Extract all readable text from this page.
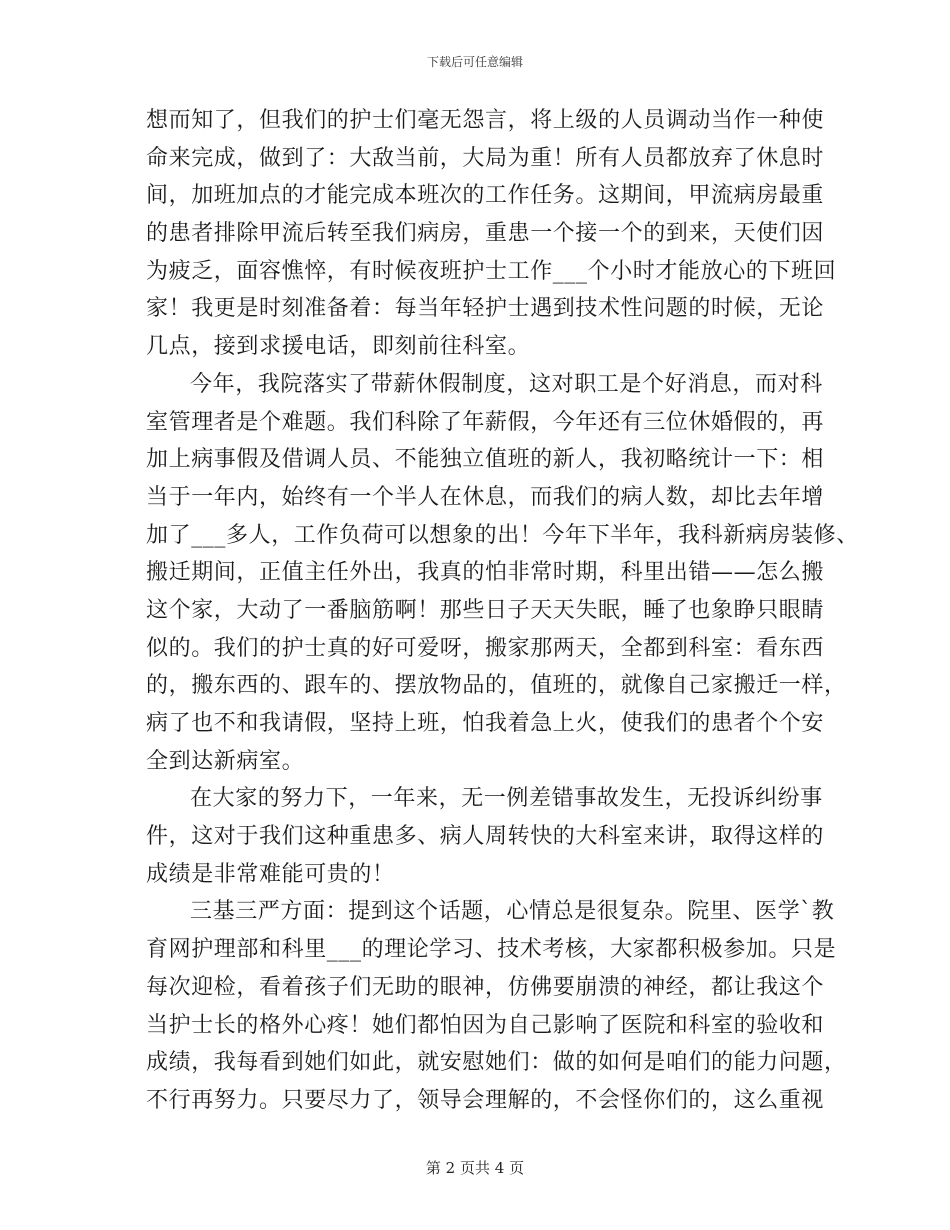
下载后可任意编辑
想而知了，但我们的护士们毫无怨言，将上级的人员调动当作一种使
命来完成，做到了：大敌当前，大局为重！所有人员都放弃了休息时
间，加班加点的才能完成本班次的工作任务。这期间，甲流病房最重
的患者排除甲流后转至我们病房，重患一个接一个的到来，天使们因
为疲乏，面容憔悴，有时候夜班护士工作___个小时才能放心的下班回
家！我更是时刻准备着：每当年轻护士遇到技术性问题的时候，无论
几点，接到求援电话，即刻前往科室。
今年，我院落实了带薪休假制度，这对职工是个好消息，而对科
室管理者是个难题。我们科除了年薪假，今年还有三位休婚假的，再
加上病事假及借调人员、不能独立值班的新人，我初略统计一下：相
当于一年内，始终有一个半人在休息，而我们的病人数，却比去年增
加了___多人，工作负荷可以想象的出！今年下半年，我科新病房装修、
搬迁期间，正值主任外出，我真的怕非常时期，科里出错——怎么搬
这个家，大动了一番脑筋啊！那些日子天天失眠，睡了也象睁只眼睛
似的。我们的护士真的好可爱呀，搬家那两天，全都到科室：看东西
的，搬东西的、跟车的、摆放物品的，值班的，就像自己家搬迁一样，
病了也不和我请假，坚持上班，怕我着急上火，使我们的患者个个安
全到达新病室。
在大家的努力下，一年来，无一例差错事故发生，无投诉纠纷事
件，这对于我们这种重患多、病人周转快的大科室来讲，取得这样的
成绩是非常难能可贵的！
三基三严方面：提到这个话题，心情总是很复杂。院里、医学`教
育网护理部和科里___的理论学习、技术考核，大家都积极参加。只是
每次迎检，看着孩子们无助的眼神，仿佛要崩溃的神经，都让我这个
当护士长的格外心疼！她们都怕因为自己影响了医院和科室的验收和
成绩，我每看到她们如此，就安慰她们：做的如何是咱们的能力问题，
不行再努力。只要尽力了，领导会理解的，不会怪你们的，这么重视
第 2 页共 4 页
